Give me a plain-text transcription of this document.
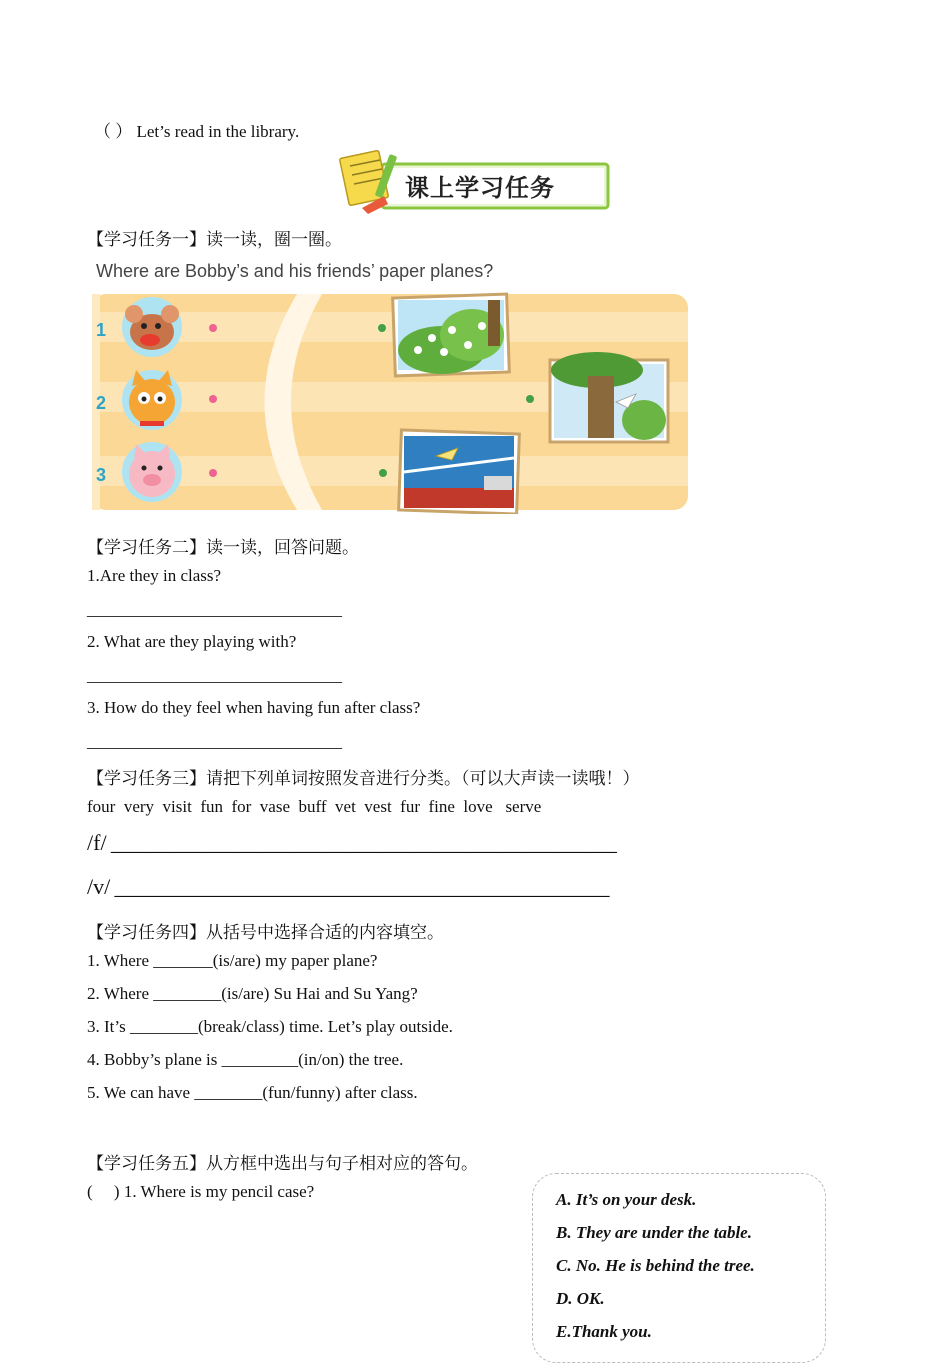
（ ） Let’s read in the library.
课上学习任务
【学习任务一】读一读，圈一圈。
Where are Bobby’s and his friends’ paper planes?
1
2
3
【学习任务二】读一读，回答问题。
1.Are they in class?
______________________________
2. What are they playing with?
______________________________
3. How do they feel when having fun after class?
______________________________
【学习任务三】请把下列单词按照发音进行分类。（可以大声读一读哦！）
four  very  visit  fun  for  vase  buff  vet  vest  fur  fine  love   serve
/f/ ______________________________________________
/v/ _____________________________________________
【学习任务四】从括号中选择合适的内容填空。
1. Where _______(is/are) my paper plane?
2. Where ________(is/are) Su Hai and Su Yang?
3. It’s ________(break/class) time. Let’s play outside.
4. Bobby’s plane is _________(in/on) the tree.
5. We can have ________(fun/funny) after class.
【学习任务五】从方框中选出与句子相对应的答句。
(     ) 1. Where is my pencil case?	A. It’s on your desk.
B. They are under the table.
C. No. He is behind the tree.
D. OK.
E.Thank you.
